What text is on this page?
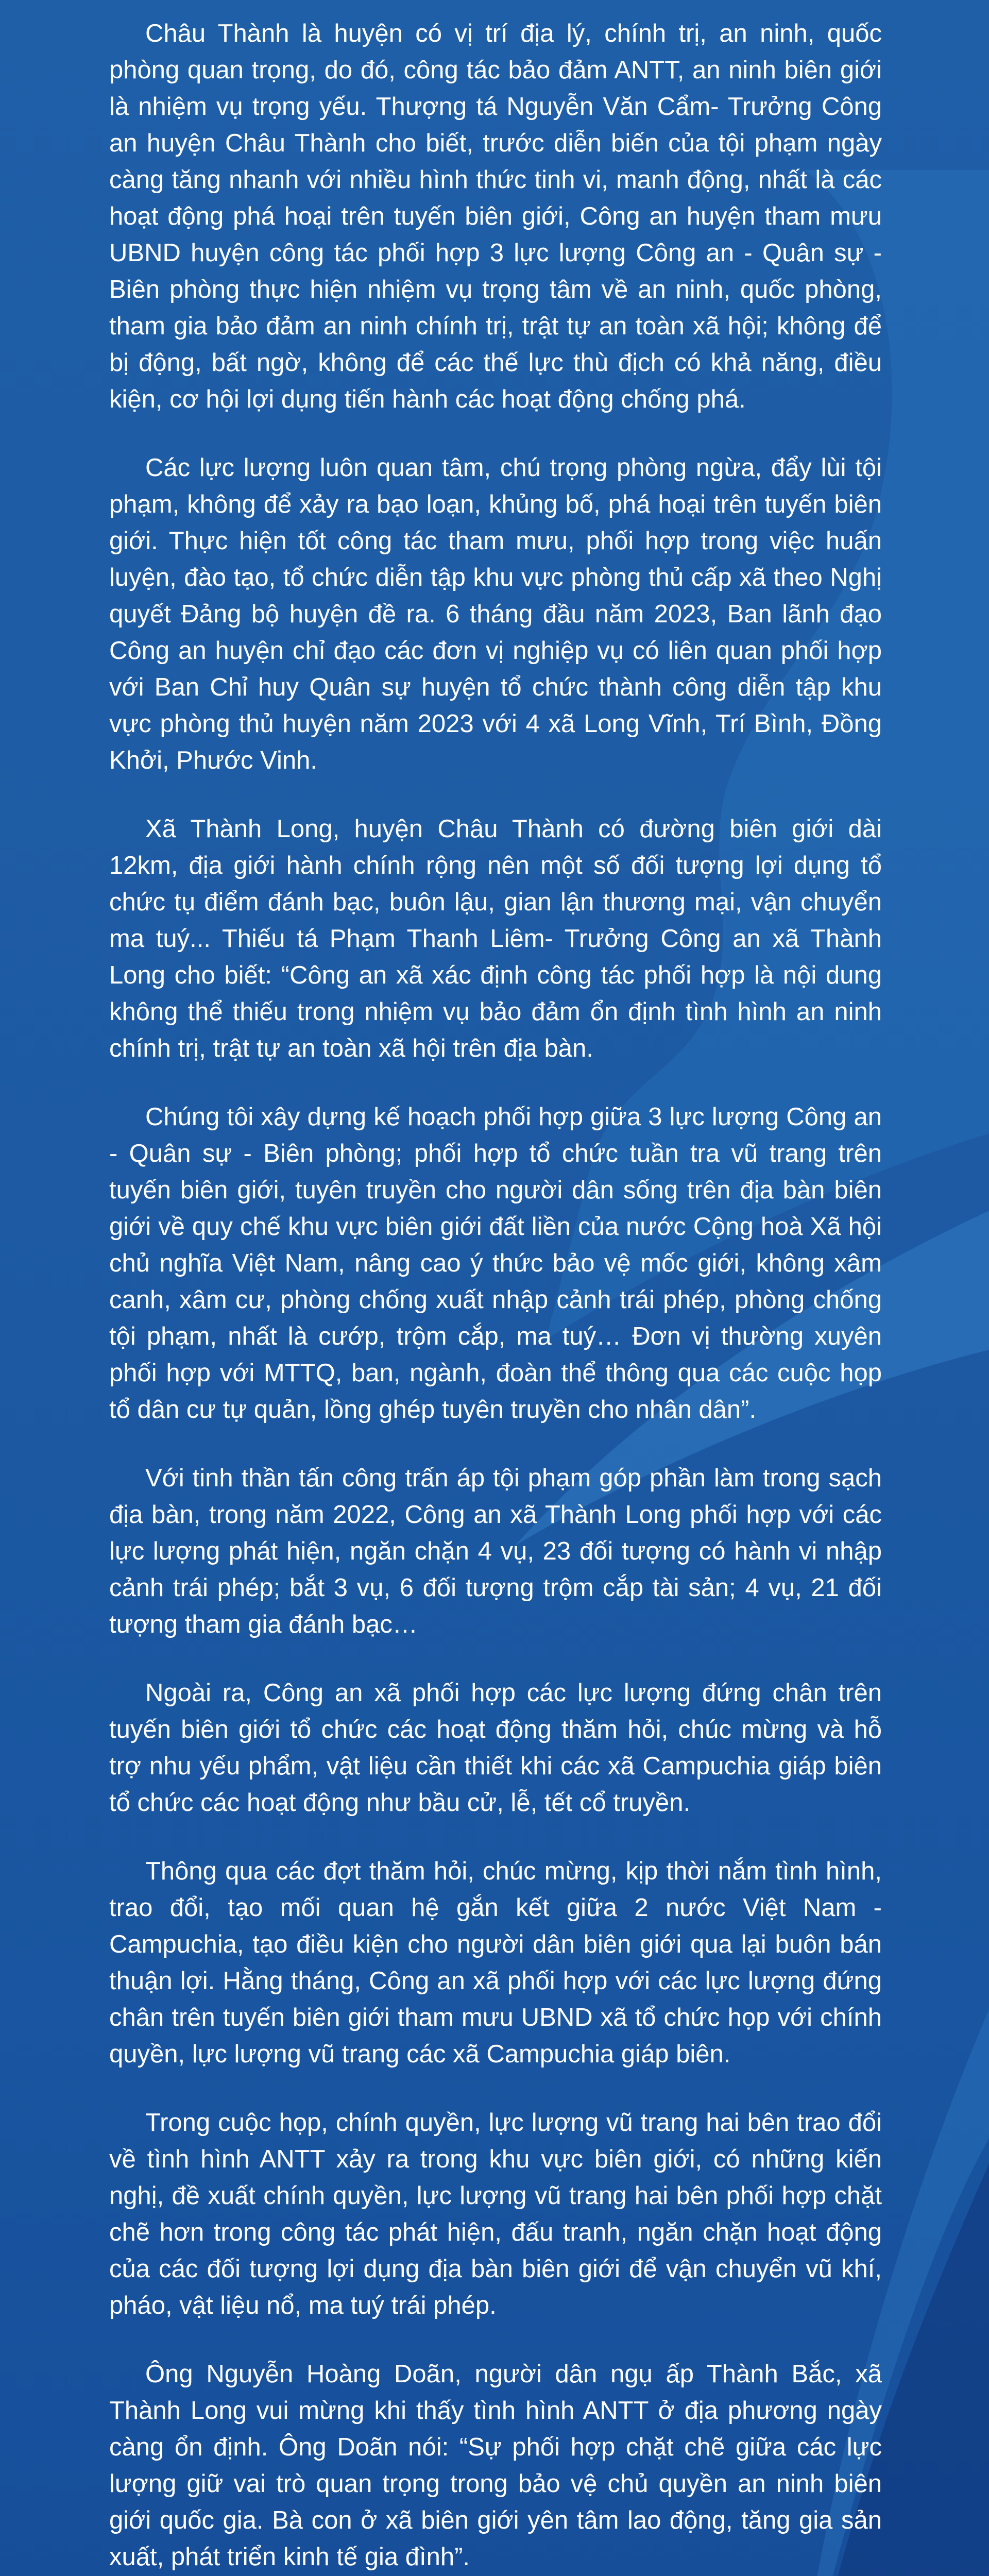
Châu Thành là huyện có vị trí địa lý, chính trị, an ninh, quốc phòng quan trọng, do đó, công tác bảo đảm ANTT, an ninh biên giới là nhiệm vụ trọng yếu. Thượng tá Nguyễn Văn Cẩm- Trưởng Công an huyện Châu Thành cho biết, trước diễn biến của tội phạm ngày càng tăng nhanh với nhiều hình thức tinh vi, manh động, nhất là các hoạt động phá hoại trên tuyến biên giới, Công an huyện tham mưu UBND huyện công tác phối hợp 3 lực lượng Công an - Quân sự - Biên phòng thực hiện nhiệm vụ trọng tâm về an ninh, quốc phòng, tham gia bảo đảm an ninh chính trị, trật tự an toàn xã hội; không để bị động, bất ngờ, không để các thế lực thù địch có khả năng, điều kiện, cơ hội lợi dụng tiến hành các hoạt động chống phá.

Các lực lượng luôn quan tâm, chú trọng phòng ngừa, đẩy lùi tội phạm, không để xảy ra bạo loạn, khủng bố, phá hoại trên tuyến biên giới. Thực hiện tốt công tác tham mưu, phối hợp trong việc huấn luyện, đào tạo, tổ chức diễn tập khu vực phòng thủ cấp xã theo Nghị quyết Đảng bộ huyện đề ra. 6 tháng đầu năm 2023, Ban lãnh đạo Công an huyện chỉ đạo các đơn vị nghiệp vụ có liên quan phối hợp với Ban Chỉ huy Quân sự huyện tổ chức thành công diễn tập khu vực phòng thủ huyện năm 2023 với 4 xã Long Vĩnh, Trí Bình, Đồng Khởi, Phước Vinh.

Xã Thành Long, huyện Châu Thành có đường biên giới dài 12km, địa giới hành chính rộng nên một số đối tượng lợi dụng tổ chức tụ điểm đánh bạc, buôn lậu, gian lận thương mại, vận chuyển ma tuý... Thiếu tá Phạm Thanh Liêm- Trưởng Công an xã Thành Long cho biết: “Công an xã xác định công tác phối hợp là nội dung không thể thiếu trong nhiệm vụ bảo đảm ổn định tình hình an ninh chính trị, trật tự an toàn xã hội trên địa bàn.

Chúng tôi xây dựng kế hoạch phối hợp giữa 3 lực lượng Công an - Quân sự - Biên phòng; phối hợp tổ chức tuần tra vũ trang trên tuyến biên giới, tuyên truyền cho người dân sống trên địa bàn biên giới về quy chế khu vực biên giới đất liền của nước Cộng hoà Xã hội chủ nghĩa Việt Nam, nâng cao ý thức bảo vệ mốc giới, không xâm canh, xâm cư, phòng chống xuất nhập cảnh trái phép, phòng chống tội phạm, nhất là cướp, trộm cắp, ma tuý… Đơn vị thường xuyên phối hợp với MTTQ, ban, ngành, đoàn thể thông qua các cuộc họp tổ dân cư tự quản, lồng ghép tuyên truyền cho nhân dân”.

Với tinh thần tấn công trấn áp tội phạm góp phần làm trong sạch địa bàn, trong năm 2022, Công an xã Thành Long phối hợp với các lực lượng phát hiện, ngăn chặn 4 vụ, 23 đối tượng có hành vi nhập cảnh trái phép; bắt 3 vụ, 6 đối tượng trộm cắp tài sản; 4 vụ, 21 đối tượng tham gia đánh bạc…

Ngoài ra, Công an xã phối hợp các lực lượng đứng chân trên tuyến biên giới tổ chức các hoạt động thăm hỏi, chúc mừng và hỗ trợ nhu yếu phẩm, vật liệu cần thiết khi các xã Campuchia giáp biên tổ chức các hoạt động như bầu cử, lễ, tết cổ truyền.

Thông qua các đợt thăm hỏi, chúc mừng, kịp thời nắm tình hình, trao đổi, tạo mối quan hệ gắn kết giữa 2 nước Việt Nam - Campuchia, tạo điều kiện cho người dân biên giới qua lại buôn bán thuận lợi. Hằng tháng, Công an xã phối hợp với các lực lượng đứng chân trên tuyến biên giới tham mưu UBND xã tổ chức họp với chính quyền, lực lượng vũ trang các xã Campuchia giáp biên.

Trong cuộc họp, chính quyền, lực lượng vũ trang hai bên trao đổi về tình hình ANTT xảy ra trong khu vực biên giới, có những kiến nghị, đề xuất chính quyền, lực lượng vũ trang hai bên phối hợp chặt chẽ hơn trong công tác phát hiện, đấu tranh, ngăn chặn hoạt động của các đối tượng lợi dụng địa bàn biên giới để vận chuyển vũ khí, pháo, vật liệu nổ, ma tuý trái phép.

Ông Nguyễn Hoàng Doãn, người dân ngụ ấp Thành Bắc, xã Thành Long vui mừng khi thấy tình hình ANTT ở địa phương ngày càng ổn định. Ông Doãn nói: “Sự phối hợp chặt chẽ giữa các lực lượng giữ vai trò quan trọng trong bảo vệ chủ quyền an ninh biên giới quốc gia. Bà con ở xã biên giới yên tâm lao động, tăng gia sản xuất, phát triển kinh tế gia đình”.
